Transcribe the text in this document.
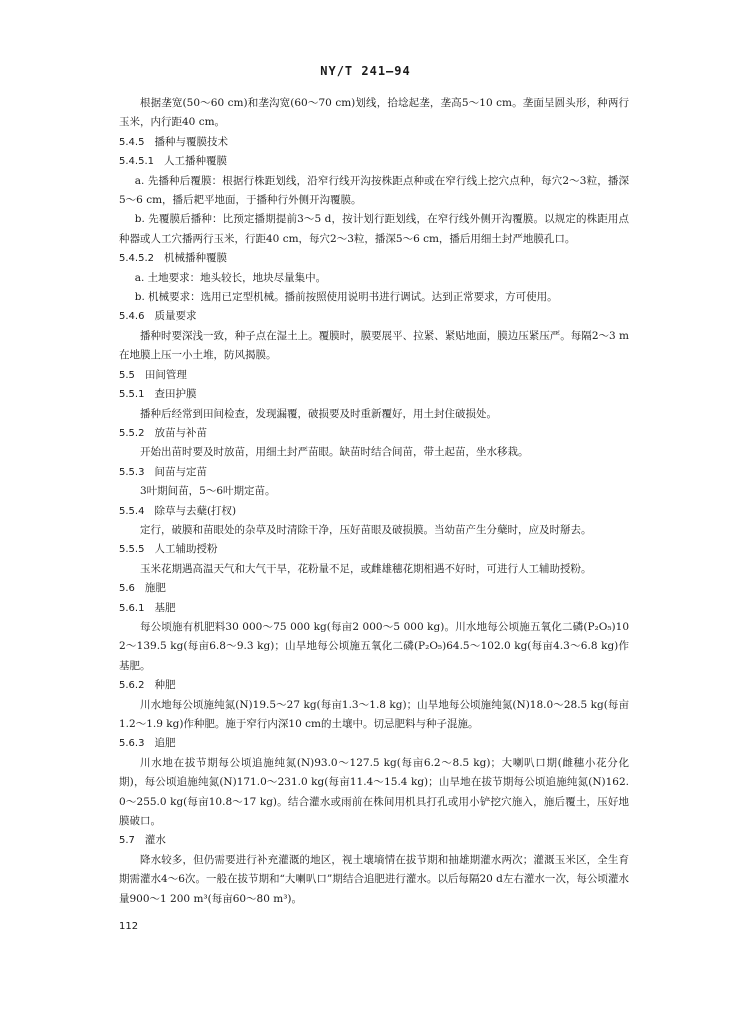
NY/T 241—94

根据垄宽(50～60 cm)和垄沟宽(60～70 cm)划线，拾埝起垄，垄高5～10 cm。垄面呈圆头形，种两行玉米，内行距40 cm。

5.4.5 播种与覆膜技术

5.4.5.1 人工播种覆膜

a. 先播种后覆膜：根据行株距划线，沿窄行线开沟按株距点种或在窄行线上挖穴点种，每穴2～3粒，播深5～6 cm，播后耙平地面，于播种行外侧开沟覆膜。

b. 先覆膜后播种：比预定播期提前3～5 d，按计划行距划线，在窄行线外侧开沟覆膜。以规定的株距用点种器或人工穴播两行玉米，行距40 cm，每穴2～3粒，播深5～6 cm，播后用细土封严地膜孔口。

5.4.5.2 机械播种覆膜

a. 土地要求：地头较长，地块尽量集中。

b. 机械要求：选用已定型机械。播前按照使用说明书进行调试。达到正常要求，方可使用。

5.4.6 质量要求

播种时要深浅一致，种子点在湿土上。覆膜时，膜要展平、拉紧、紧贴地面，膜边压紧压严。每隔2～3 m在地膜上压一小土堆，防风揭膜。

5.5 田间管理

5.5.1 查田护膜

播种后经常到田间检查，发现漏覆，破损要及时重新覆好，用土封住破损处。

5.5.2 放苗与补苗

开始出苗时要及时放苗，用细土封严苗眼。缺苗时结合间苗，带土起苗，坐水移栽。

5.5.3 间苗与定苗

3叶期间苗，5～6叶期定苗。

5.5.4 除草与去蘖(打杈)

定行，破膜和苗眼处的杂草及时清除干净，压好苗眼及破损膜。当幼苗产生分蘖时，应及时掰去。

5.5.5 人工辅助授粉

玉米花期遇高温天气和大气干旱，花粉量不足，或雌雄穗花期相遇不好时，可进行人工辅助授粉。

5.6 施肥

5.6.1 基肥

每公顷施有机肥料30 000～75 000 kg(每亩2 000～5 000 kg)。川水地每公顷施五氧化二磷(P₂O₅)102～139.5 kg(每亩6.8～9.3 kg)；山旱地每公顷施五氧化二磷(P₂O₅)64.5～102.0 kg(每亩4.3～6.8 kg)作基肥。

5.6.2 种肥

川水地每公顷施纯氮(N)19.5～27 kg(每亩1.3～1.8 kg)；山旱地每公顷施纯氮(N)18.0～28.5 kg(每亩1.2～1.9 kg)作种肥。施于窄行内深10 cm的土壤中。切忌肥料与种子混施。

5.6.3 追肥

川水地在拔节期每公顷追施纯氮(N)93.0～127.5 kg(每亩6.2～8.5 kg)；大喇叭口期(雌穗小花分化期)，每公顷追施纯氮(N)171.0～231.0 kg(每亩11.4～15.4 kg)；山旱地在拔节期每公顷追施纯氮(N)162.0～255.0 kg(每亩10.8～17 kg)。结合灌水或雨前在株间用机具打孔或用小铲挖穴施入，施后覆土，压好地膜破口。

5.7 灌水

降水较多，但仍需要进行补充灌溉的地区，视土壤墒情在拔节期和抽雄期灌水两次；灌溉玉米区，全生育期需灌水4～6次。一般在拔节期和“大喇叭口”期结合追肥进行灌水。以后每隔20 d左右灌水一次，每公顷灌水量900～1 200 m³(每亩60～80 m³)。

112
